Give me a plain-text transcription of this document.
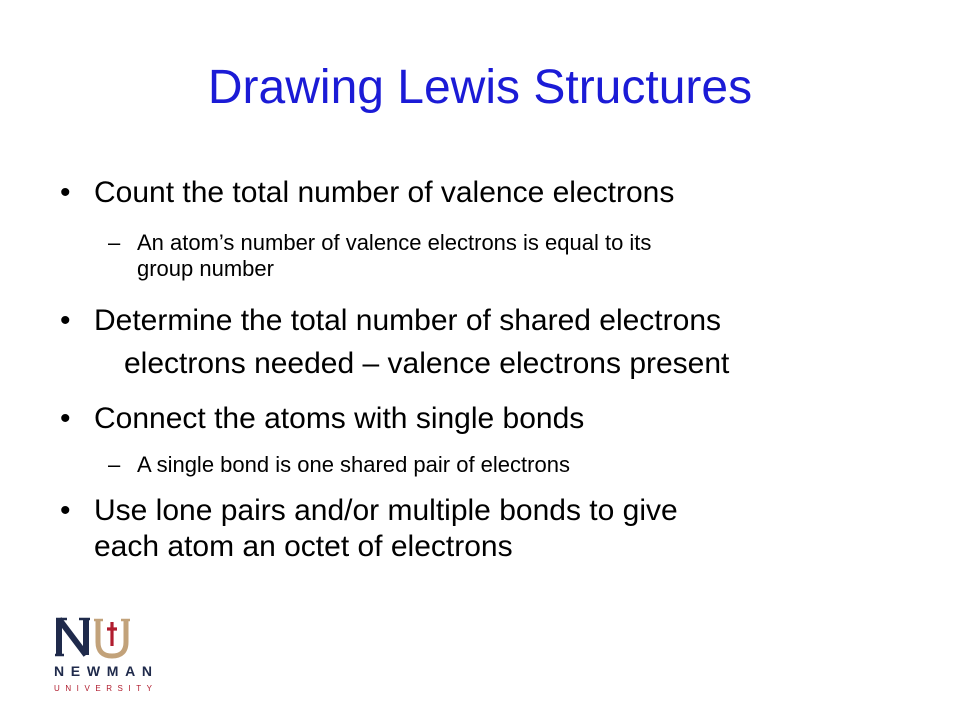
Drawing Lewis Structures
• Count the total number of valence electrons
– An atom’s number of valence electrons is equal to its
group number
• Determine the total number of shared electrons
electrons needed – valence electrons present
• Connect the atoms with single bonds
– A single bond is one shared pair of electrons
• Use lone pairs and/or multiple bonds to give
each atom an octet of electrons
NEWMAN
UNIVERSITY
